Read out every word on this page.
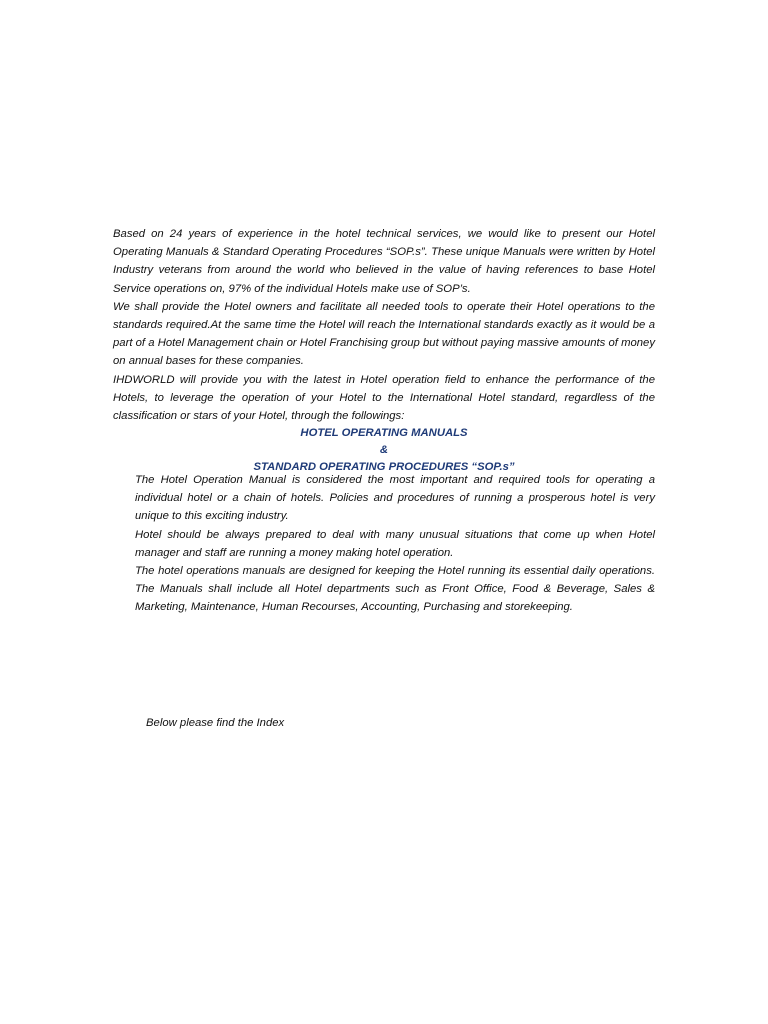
Based on 24 years of experience in the hotel technical services, we would like to present our Hotel Operating Manuals & Standard Operating Procedures “SOP.s”. These unique Manuals were written by Hotel Industry veterans from around the world who believed in the value of having references to base Hotel Service operations on, 97% of the individual Hotels make use of SOP’s.

We shall provide the Hotel owners and facilitate all needed tools to operate their Hotel operations to the standards required.At the same time the Hotel will reach the International standards exactly as it would be a part of a Hotel Management chain or Hotel Franchising group but without paying massive amounts of money on annual bases for these companies.

IHDWORLD will provide you with the latest in Hotel operation field to enhance the performance of the Hotels, to leverage the operation of your Hotel to the International Hotel standard, regardless of the classification or stars of your Hotel, through the followings:

HOTEL OPERATING MANUALS

&

STANDARD OPERATING PROCEDURES “SOP.s”

The Hotel Operation Manual is considered the most important and required tools for operating a individual hotel or a chain of hotels. Policies and procedures of running a prosperous hotel is very unique to this exciting industry.

Hotel should be always prepared to deal with many unusual situations that come up when Hotel manager and staff are running a money making hotel operation.

The hotel operations manuals are designed for keeping the Hotel running its essential daily operations. The Manuals shall include all Hotel departments such as Front Office, Food & Beverage, Sales & Marketing, Maintenance, Human Recourses, Accounting, Purchasing and storekeeping.

Below please find the Index
